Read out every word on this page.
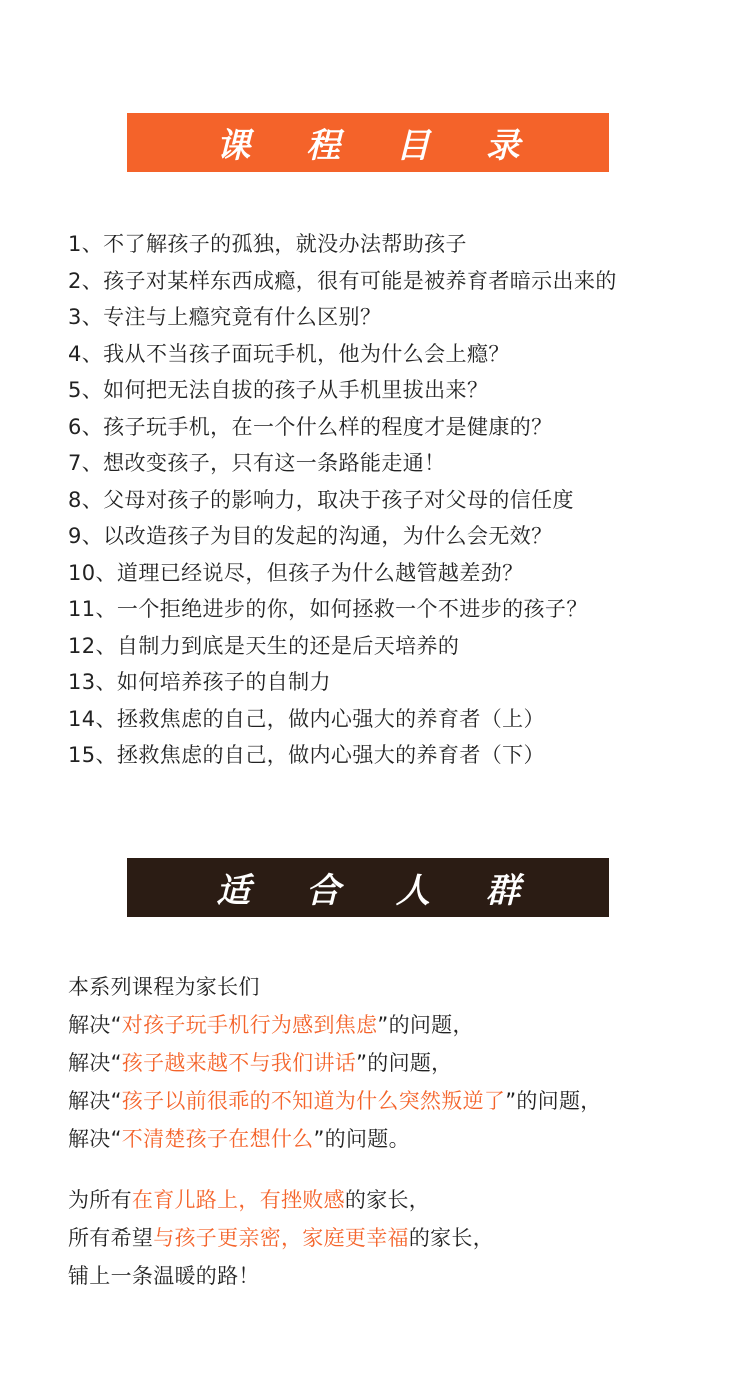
课 程 目 录
1、不了解孩子的孤独，就没办法帮助孩子
2、孩子对某样东西成瘾，很有可能是被养育者暗示出来的
3、专注与上瘾究竟有什么区别？
4、我从不当孩子面玩手机，他为什么会上瘾？
5、如何把无法自拔的孩子从手机里拔出来？
6、孩子玩手机，在一个什么样的程度才是健康的？
7、想改变孩子，只有这一条路能走通！
8、父母对孩子的影响力，取决于孩子对父母的信任度
9、以改造孩子为目的发起的沟通，为什么会无效？
10、道理已经说尽，但孩子为什么越管越差劲？
11、一个拒绝进步的你，如何拯救一个不进步的孩子？
12、自制力到底是天生的还是后天培养的
13、如何培养孩子的自制力
14、拯救焦虑的自己，做内心强大的养育者（上）
15、拯救焦虑的自己，做内心强大的养育者（下）
适 合 人 群
本系列课程为家长们
解决“对孩子玩手机行为感到焦虑”的问题，
解决“孩子越来越不与我们讲话”的问题，
解决“孩子以前很乖的不知道为什么突然叛逆了”的问题，
解决“不清楚孩子在想什么”的问题。
为所有在育儿路上，有挫败感的家长，
所有希望与孩子更亲密，家庭更幸福的家长，
铺上一条温暖的路！
